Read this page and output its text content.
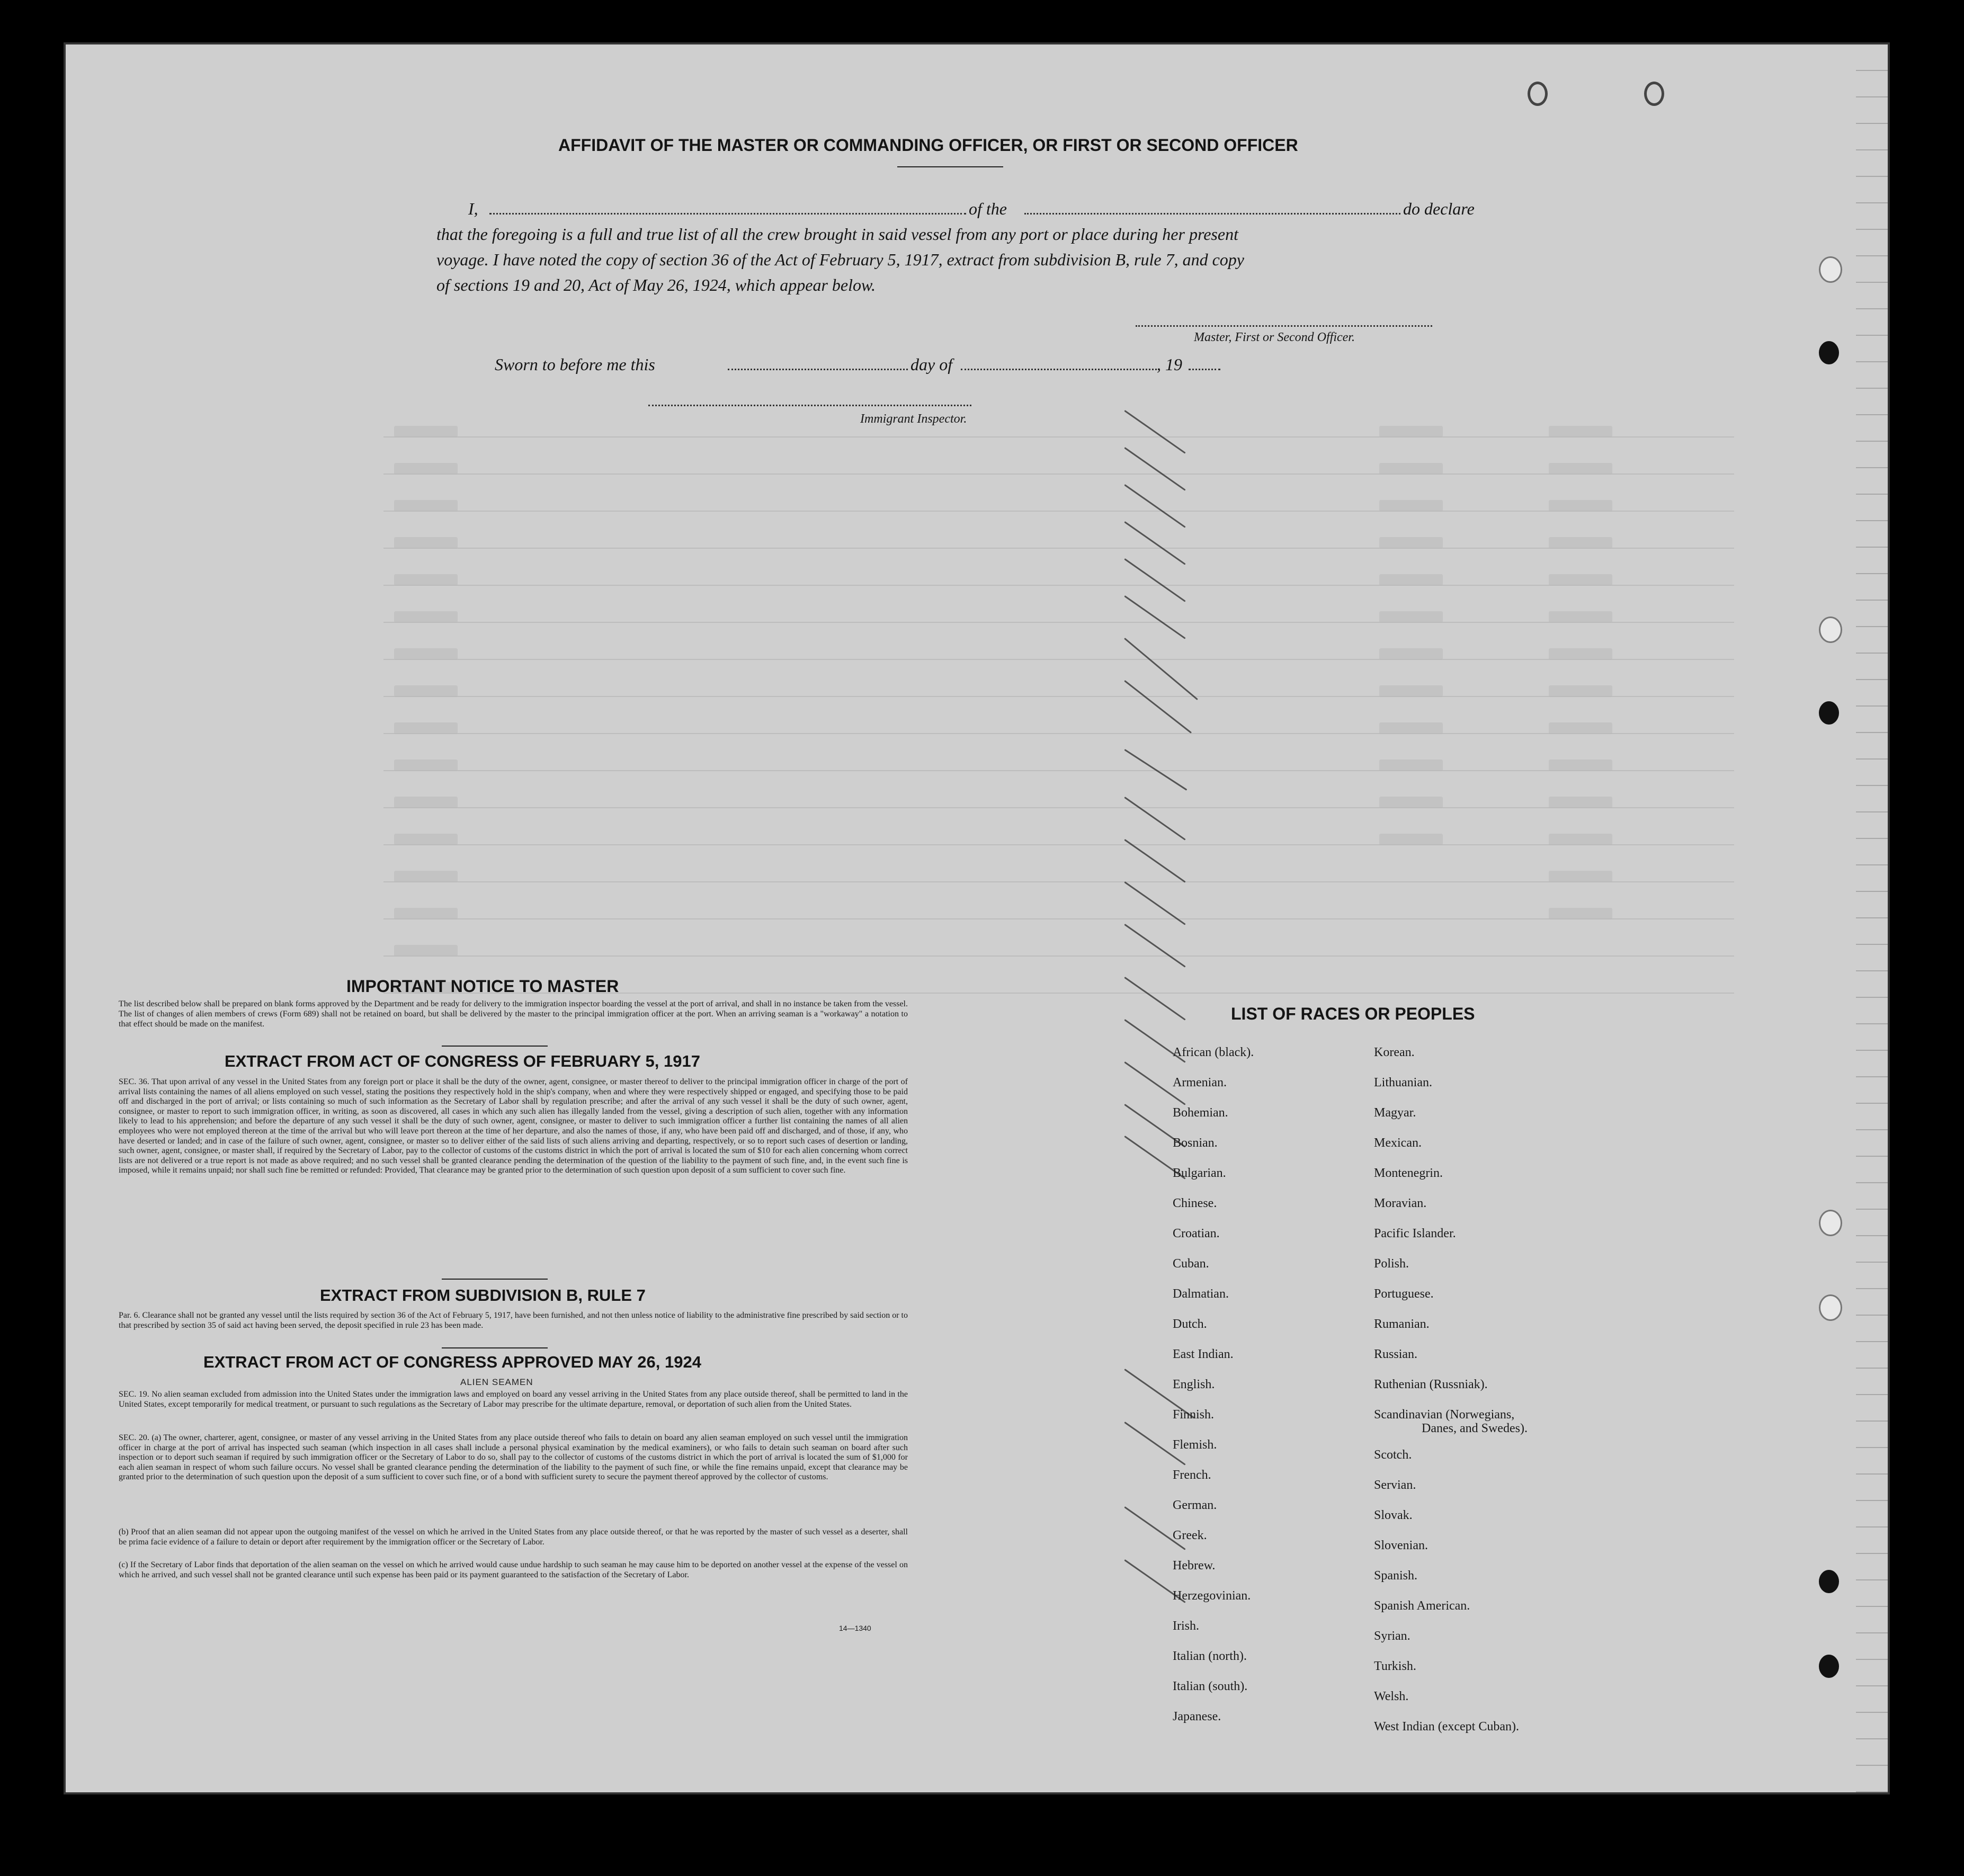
AFFIDAVIT OF THE MASTER OR COMMANDING OFFICER, OR FIRST OR SECOND OFFICER
I,	of the	do declare
that the foregoing is a full and true list of all the crew brought in said vessel from any port or place during her present
voyage. I have noted the copy of section 36 of the Act of February 5, 1917, extract from subdivision B, rule 7, and copy
of sections 19 and 20, Act of May 26, 1924, which appear below.
Master, First or Second Officer.
Sworn to before me this	day of	, 19
Immigrant Inspector.
IMPORTANT NOTICE TO MASTER
The list described below shall be prepared on blank forms approved by the Department and be ready for delivery to the immigration inspector boarding the vessel at the port of arrival, and shall in no instance be taken from the vessel. The list of changes of alien members of crews (Form 689) shall not be retained on board, but shall be delivered by the master to the principal immigration officer at the port. When an arriving seaman is a "workaway" a notation to that effect should be made on the manifest.
EXTRACT FROM ACT OF CONGRESS OF FEBRUARY 5, 1917
SEC. 36. That upon arrival of any vessel in the United States from any foreign port or place it shall be the duty of the owner, agent, consignee, or master thereof to deliver to the principal immigration officer in charge of the port of arrival lists containing the names of all aliens employed on such vessel, stating the positions they respectively hold in the ship's company, when and where they were respectively shipped or engaged, and specifying those to be paid off and discharged in the port of arrival; or lists containing so much of such information as the Secretary of Labor shall by regulation prescribe; and after the arrival of any such vessel it shall be the duty of such owner, agent, consignee, or master to report to such immigration officer, in writing, as soon as discovered, all cases in which any such alien has illegally landed from the vessel, giving a description of such alien, together with any information likely to lead to his apprehension; and before the departure of any such vessel it shall be the duty of such owner, agent, consignee, or master to deliver to such immigration officer a further list containing the names of all alien employees who were not employed thereon at the time of the arrival but who will leave port thereon at the time of her departure, and also the names of those, if any, who have been paid off and discharged, and of those, if any, who have deserted or landed; and in case of the failure of such owner, agent, consignee, or master so to deliver either of the said lists of such aliens arriving and departing, respectively, or so to report such cases of desertion or landing, such owner, agent, consignee, or master shall, if required by the Secretary of Labor, pay to the collector of customs of the customs district in which the port of arrival is located the sum of $10 for each alien concerning whom correct lists are not delivered or a true report is not made as above required; and no such vessel shall be granted clearance pending the determination of the question of the liability to the payment of such fine, and, in the event such fine is imposed, while it remains unpaid; nor shall such fine be remitted or refunded: Provided, That clearance may be granted prior to the determination of such question upon deposit of a sum sufficient to cover such fine.
EXTRACT FROM SUBDIVISION B, RULE 7
Par. 6. Clearance shall not be granted any vessel until the lists required by section 36 of the Act of February 5, 1917, have been furnished, and not then unless notice of liability to the administrative fine prescribed by said section or to that prescribed by section 35 of said act having been served, the deposit specified in rule 23 has been made.
EXTRACT FROM ACT OF CONGRESS APPROVED MAY 26, 1924
ALIEN SEAMEN
SEC. 19. No alien seaman excluded from admission into the United States under the immigration laws and employed on board any vessel arriving in the United States from any place outside thereof, shall be permitted to land in the United States, except temporarily for medical treatment, or pursuant to such regulations as the Secretary of Labor may prescribe for the ultimate departure, removal, or deportation of such alien from the United States.
SEC. 20. (a) The owner, charterer, agent, consignee, or master of any vessel arriving in the United States from any place outside thereof who fails to detain on board any alien seaman employed on such vessel until the immigration officer in charge at the port of arrival has inspected such seaman (which inspection in all cases shall include a personal physical examination by the medical examiners), or who fails to detain such seaman on board after such inspection or to deport such seaman if required by such immigration officer or the Secretary of Labor to do so, shall pay to the collector of customs of the customs district in which the port of arrival is located the sum of $1,000 for each alien seaman in respect of whom such failure occurs. No vessel shall be granted clearance pending the determination of the liability to the payment of such fine, or while the fine remains unpaid, except that clearance may be granted prior to the determination of such question upon the deposit of a sum sufficient to cover such fine, or of a bond with sufficient surety to secure the payment thereof approved by the collector of customs.
(b) Proof that an alien seaman did not appear upon the outgoing manifest of the vessel on which he arrived in the United States from any place outside thereof, or that he was reported by the master of such vessel as a deserter, shall be prima facie evidence of a failure to detain or deport after requirement by the immigration officer or the Secretary of Labor.
(c) If the Secretary of Labor finds that deportation of the alien seaman on the vessel on which he arrived would cause undue hardship to such seaman he may cause him to be deported on another vessel at the expense of the vessel on which he arrived, and such vessel shall not be granted clearance until such expense has been paid or its payment guaranteed to the satisfaction of the Secretary of Labor.
14—1340
LIST OF RACES OR PEOPLES
African (black).
Armenian.
Bohemian.
Bosnian.
Bulgarian.
Chinese.
Croatian.
Cuban.
Dalmatian.
Dutch.
East Indian.
English.
Finnish.
Flemish.
French.
German.
Greek.
Hebrew.
Herzegovinian.
Irish.
Italian (north).
Italian (south).
Japanese.
Korean.
Lithuanian.
Magyar.
Mexican.
Montenegrin.
Moravian.
Pacific Islander.
Polish.
Portuguese.
Rumanian.
Russian.
Ruthenian (Russniak).
Scandinavian (Norwegians,
Danes, and Swedes).
Scotch.
Servian.
Slovak.
Slovenian.
Spanish.
Spanish American.
Syrian.
Turkish.
Welsh.
West Indian (except Cuban).
